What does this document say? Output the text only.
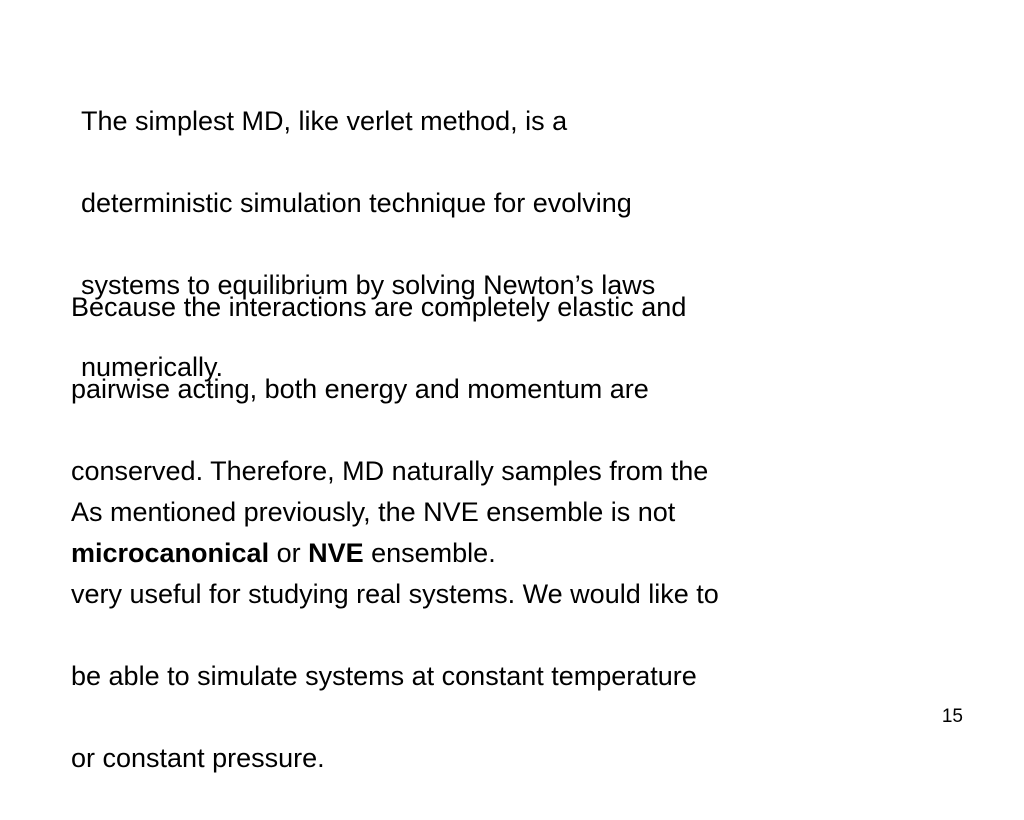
The simplest MD, like verlet method, is a

deterministic simulation technique for evolving

systems to equilibrium by solving Newton’s laws

numerically.

Because the interactions are completely elastic and

pairwise acting, both energy and momentum are

conserved. Therefore, MD naturally samples from the

microcanonical or NVE ensemble.

As mentioned previously, the NVE ensemble is not

very useful for studying real systems. We would like to

be able to simulate systems at constant temperature

or constant pressure.

15
